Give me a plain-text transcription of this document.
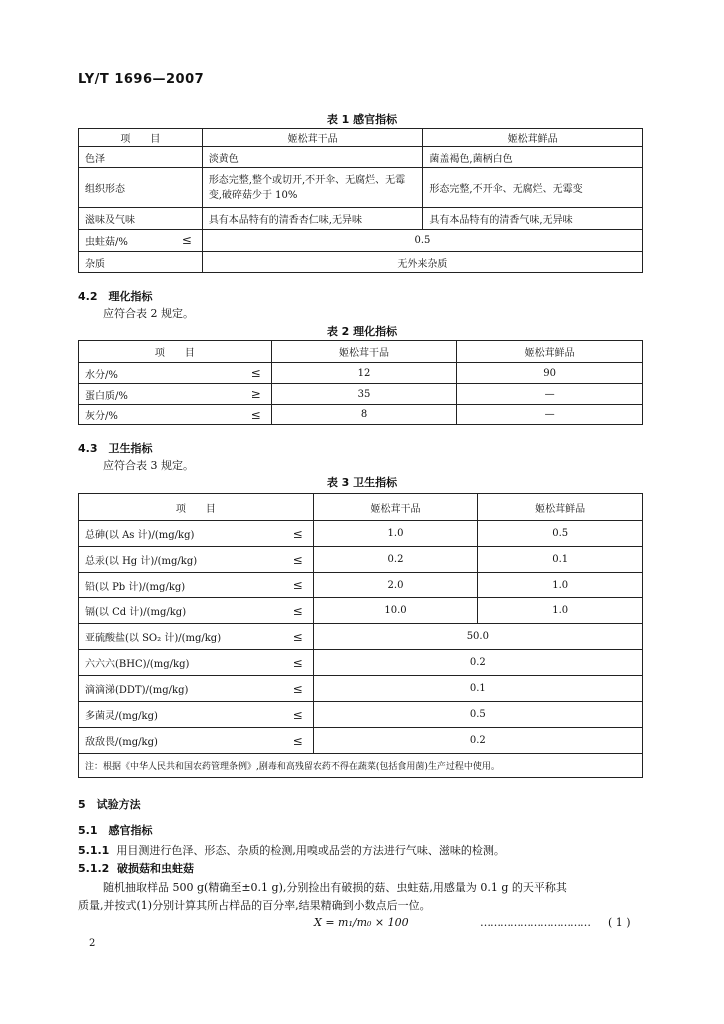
LY/T 1696—2007
表 1 感官指标
项　　目	姬松茸干品	姬松茸鲜品
色泽	淡黄色	菌盖褐色,菌柄白色
组织形态	形态完整,整个或切开,不开伞、无腐烂、无霉变,破碎菇少于 10%	形态完整,不开伞、无腐烂、无霉变
滋味及气味	具有本品特有的清香杏仁味,无异味	具有本品特有的清香气味,无异味
虫蛀菇/% ≤	0.5	
杂质	无外来杂质	
4.2　理化指标
应符合表 2 规定。
表 2 理化指标
项　　目		姬松茸干品	姬松茸鲜品
水分/%	≤	12	90
蛋白质/%	≥	35	—
灰分/%	≤	8	—
4.3　卫生指标
应符合表 3 规定。
表 3 卫生指标
项　　目		姬松茸干品	姬松茸鲜品
总砷(以 As 计)/(mg/kg)	≤	1.0	0.5
总汞(以 Hg 计)/(mg/kg)	≤	0.2	0.1
铅(以 Pb 计)/(mg/kg)	≤	2.0	1.0
镉(以 Cd 计)/(mg/kg)	≤	10.0	1.0
亚硫酸盐(以 SO₂ 计)/(mg/kg)	≤	50.0	
六六六(BHC)/(mg/kg)	≤	0.2	
滴滴涕(DDT)/(mg/kg)	≤	0.1	
多菌灵/(mg/kg)	≤	0.5	
敌敌畏/(mg/kg)	≤	0.2	
注：根据《中华人民共和国农药管理条例》,剧毒和高残留农药不得在蔬菜(包括食用菌)生产过程中使用。			
5　试验方法
5.1　感官指标
5.1.1 用目测进行色泽、形态、杂质的检测,用嗅或品尝的方法进行气味、滋味的检测。
5.1.2 破损菇和虫蛀菇
随机抽取样品 500 g(精确至±0.1 g),分别捡出有破损的菇、虫蛀菇,用感量为 0.1 g 的天平称其
质量,并按式(1)分别计算其所占样品的百分率,结果精确到小数点后一位。
X = m₁/m₀ × 100	…………………………… ( 1 )
2
